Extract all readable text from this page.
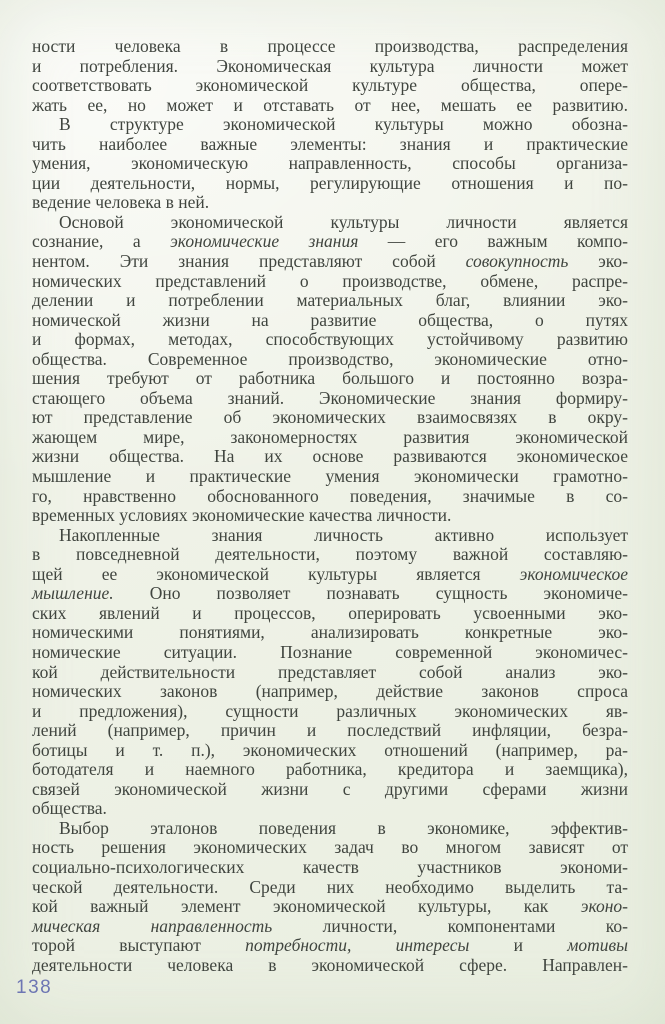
ности человека в процессе производства, распределения
и потребления. Экономическая культура личности может
соответствовать экономической культуре общества, опере-
жать ее, но может и отставать от нее, мешать ее развитию.
В структуре экономической культуры можно обозна-
чить наиболее важные элементы: знания и практические
умения, экономическую направленность, способы организа-
ции деятельности, нормы, регулирующие отношения и по-
ведение человека в ней.
Основой экономической культуры личности является
сознание, а экономические знания — его важным компо-
нентом. Эти знания представляют собой совокупность эко-
номических представлений о производстве, обмене, распре-
делении и потреблении материальных благ, влиянии эко-
номической жизни на развитие общества, о путях
и формах, методах, способствующих устойчивому развитию
общества. Современное производство, экономические отно-
шения требуют от работника большого и постоянно возра-
стающего объема знаний. Экономические знания формиру-
ют представление об экономических взаимосвязях в окру-
жающем мире, закономерностях развития экономической
жизни общества. На их основе развиваются экономическое
мышление и практические умения экономически грамотно-
го, нравственно обоснованного поведения, значимые в со-
временных условиях экономические качества личности.
Накопленные знания личность активно использует
в повседневной деятельности, поэтому важной составляю-
щей ее экономической культуры является экономическое
мышление. Оно позволяет познавать сущность экономиче-
ских явлений и процессов, оперировать усвоенными эко-
номическими понятиями, анализировать конкретные эко-
номические ситуации. Познание современной экономичес-
кой действительности представляет собой анализ эко-
номических законов (например, действие законов спроса
и предложения), сущности различных экономических яв-
лений (например, причин и последствий инфляции, безра-
ботицы и т. п.), экономических отношений (например, ра-
ботодателя и наемного работника, кредитора и заемщика),
связей экономической жизни с другими сферами жизни
общества.
Выбор эталонов поведения в экономике, эффектив-
ность решения экономических задач во многом зависят от
социально-психологических качеств участников экономи-
ческой деятельности. Среди них необходимо выделить та-
кой важный элемент экономической культуры, как эконо-
мическая направленность личности, компонентами ко-
торой выступают потребности, интересы и мотивы
деятельности человека в экономической сфере. Направлен-
138
